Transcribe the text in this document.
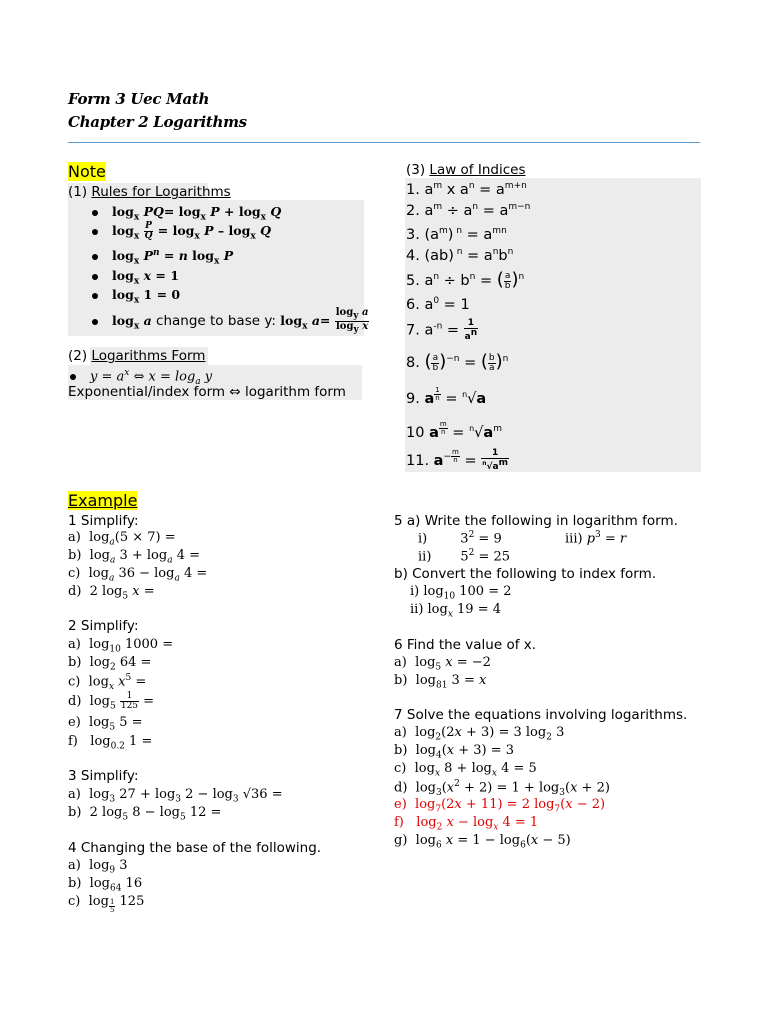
Form 3 Uec Math
Chapter 2 Logarithms
Note
(1) Rules for Logarithms
$\log_x PQ= \log_x P + \log_x Q$
$\log_x \frac{P}{Q} = \log_x P - \log_x Q$
$\log_x P^n = n$ $\log_x P$
$\log_x x = 1$
$\log_x 1 = 0$
$\log_x a$ change to base y: $\log_x a= \frac{\log_y a}{\log_y x}$
(2) Logarithms Form
$y = a^x$ ⇔ $x = \log_a y$
Exponential/index form ⇔ logarithm form
(3) Law of Indices
1. $a^m$ x $a^n = a^{m+n}$
2. $a^m \div a^n = a^{m-n}$
3. $(a^m) ^n = a^{mn}$
4. (ab) $^n = a^nb^n$
5. $a^n \div b^n$ = ( $\frac{a}{b} )^n$
6. $a^0 = 1$
7. $a^{-n} = \frac{1}{a^n}$
8. ( $\frac{a}{b} )^{-n}$ = ( $\frac{b}{a} )^n$
9. a $^{\frac{1}{n}}$ = $^n$√a
10 a $^{\frac{m}{n}} = ^n√a^m$
11. $a^{- \frac{m}{n}} = \frac{1}{^n√a^m}$
Example
1 Simplify:
a)  $\log_a(5 \times 7)$ =
b)  $\log_a 3 + \log_a 4$ =
c)  $\log_a 36 - \log_a 4$ =
d)  2 $\log_5 x$ =
2 Simplify:
a)  $\log_{10} 1000$ =
b)  $\log_2 64$ =
c)  $\log_x x^5$ =
d)  $\log_5 \frac{1}{125}$ =
e)  $\log_5 5$ =
f)   $\log_{0.2} 1$ =
3 Simplify:
a)  $\log_3 27 + \log_3 2 - \log_3 √36$ =
b)  2 $\log_5 8 - \log_5 12$ =
4 Changing the base of the following.
a)  $\log_9 3$
b)  $\log_{64} 16$
c)  log $_{\frac{1}{5}}$ 125
5 a) Write the following in logarithm form.
i)        $3^2 = 9$	iii) $p^3 = r$
ii)       $5^2 = 25$
b) Convert the following to index form.
i) $\log_{10} 100 = 2$
ii) $\log_x 19 = 4$
6 Find the value of x.
a)  $\log_5 x = -2$
b)  $\log_{81} 3 = x$
7 Solve the equations involving logarithms.
a)  $\log_2(2x + 3) = 3$ $\log_2 3$
b)  $\log_4(x + 3) = 3$
c)  $\log_x 8 + \log_x 4 = 5$
d)  $\log_3(x^2 + 2) = 1 + \log_3(x + 2)$
e)  $\log_7(2x + 11) = 2$ $\log_7(x - 2)$
f)   $\log_2 x - \log_x 4 = 1$
g)  $\log_6 x = 1 - \log_6(x - 5)$
